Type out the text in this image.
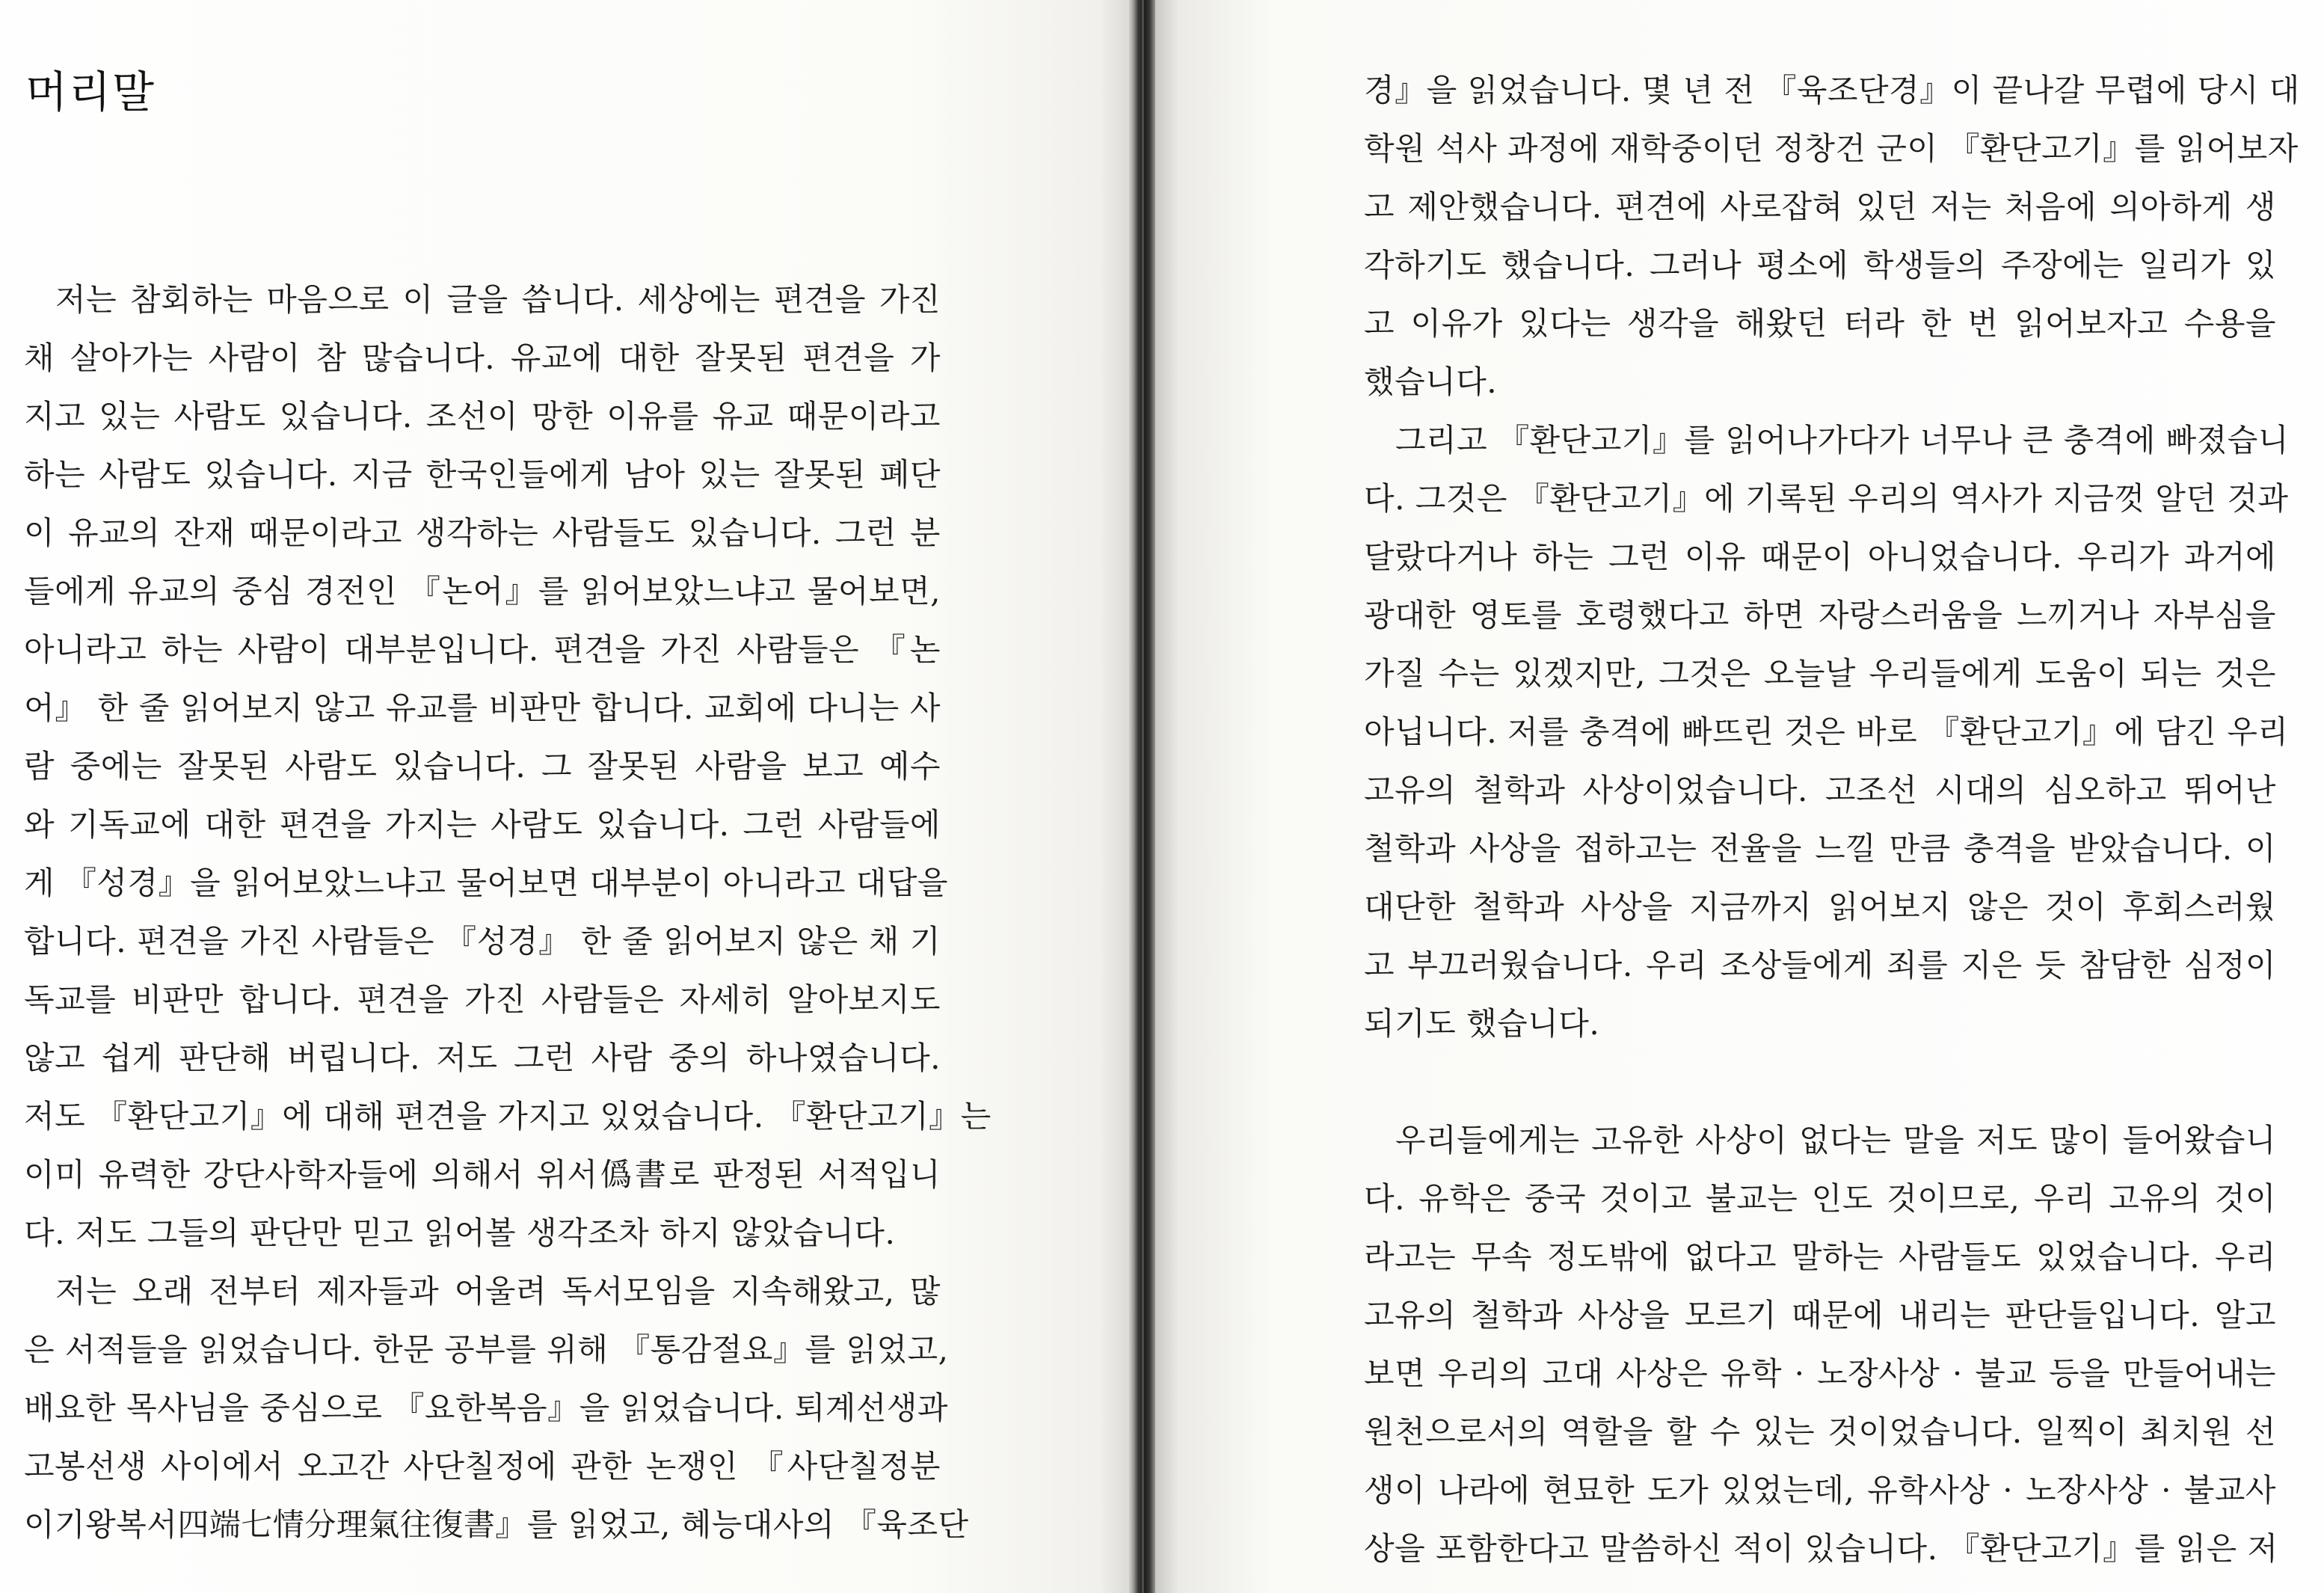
머리말
저는 참회하는 마음으로 이 글을 씁니다. 세상에는 편견을 가진
채 살아가는 사람이 참 많습니다. 유교에 대한 잘못된 편견을 가
지고 있는 사람도 있습니다. 조선이 망한 이유를 유교 때문이라고
하는 사람도 있습니다. 지금 한국인들에게 남아 있는 잘못된 폐단
이 유교의 잔재 때문이라고 생각하는 사람들도 있습니다. 그런 분
들에게 유교의 중심 경전인 『논어』를 읽어보았느냐고 물어보면,
아니라고 하는 사람이 대부분입니다. 편견을 가진 사람들은 『논
어』 한 줄 읽어보지 않고 유교를 비판만 합니다. 교회에 다니는 사
람 중에는 잘못된 사람도 있습니다. 그 잘못된 사람을 보고 예수
와 기독교에 대한 편견을 가지는 사람도 있습니다. 그런 사람들에
게 『성경』을 읽어보았느냐고 물어보면 대부분이 아니라고 대답을
합니다. 편견을 가진 사람들은 『성경』 한 줄 읽어보지 않은 채 기
독교를 비판만 합니다. 편견을 가진 사람들은 자세히 알아보지도
않고 쉽게 판단해 버립니다. 저도 그런 사람 중의 하나였습니다.
저도 『환단고기』에 대해 편견을 가지고 있었습니다. 『환단고기』는
이미 유력한 강단사학자들에 의해서 위서僞書로 판정된 서적입니
다. 저도 그들의 판단만 믿고 읽어볼 생각조차 하지 않았습니다.
저는 오래 전부터 제자들과 어울려 독서모임을 지속해왔고, 많
은 서적들을 읽었습니다. 한문 공부를 위해 『통감절요』를 읽었고,
배요한 목사님을 중심으로 『요한복음』을 읽었습니다. 퇴계선생과
고봉선생 사이에서 오고간 사단칠정에 관한 논쟁인 『사단칠정분
이기왕복서四端七情分理氣往復書』를 읽었고, 혜능대사의 『육조단
경』을 읽었습니다. 몇 년 전 『육조단경』이 끝나갈 무렵에 당시 대
학원 석사 과정에 재학중이던 정창건 군이 『환단고기』를 읽어보자
고 제안했습니다. 편견에 사로잡혀 있던 저는 처음에 의아하게 생
각하기도 했습니다. 그러나 평소에 학생들의 주장에는 일리가 있
고 이유가 있다는 생각을 해왔던 터라 한 번 읽어보자고 수용을
했습니다.
그리고 『환단고기』를 읽어나가다가 너무나 큰 충격에 빠졌습니
다. 그것은 『환단고기』에 기록된 우리의 역사가 지금껏 알던 것과
달랐다거나 하는 그런 이유 때문이 아니었습니다. 우리가 과거에
광대한 영토를 호령했다고 하면 자랑스러움을 느끼거나 자부심을
가질 수는 있겠지만, 그것은 오늘날 우리들에게 도움이 되는 것은
아닙니다. 저를 충격에 빠뜨린 것은 바로 『환단고기』에 담긴 우리
고유의 철학과 사상이었습니다. 고조선 시대의 심오하고 뛰어난
철학과 사상을 접하고는 전율을 느낄 만큼 충격을 받았습니다. 이
대단한 철학과 사상을 지금까지 읽어보지 않은 것이 후회스러웠
고 부끄러웠습니다. 우리 조상들에게 죄를 지은 듯 참담한 심정이
되기도 했습니다.
우리들에게는 고유한 사상이 없다는 말을 저도 많이 들어왔습니
다. 유학은 중국 것이고 불교는 인도 것이므로, 우리 고유의 것이
라고는 무속 정도밖에 없다고 말하는 사람들도 있었습니다. 우리
고유의 철학과 사상을 모르기 때문에 내리는 판단들입니다. 알고
보면 우리의 고대 사상은 유학 · 노장사상 · 불교 등을 만들어내는
원천으로서의 역할을 할 수 있는 것이었습니다. 일찍이 최치원 선
생이 나라에 현묘한 도가 있었는데, 유학사상 · 노장사상 · 불교사
상을 포함한다고 말씀하신 적이 있습니다. 『환단고기』를 읽은 저
